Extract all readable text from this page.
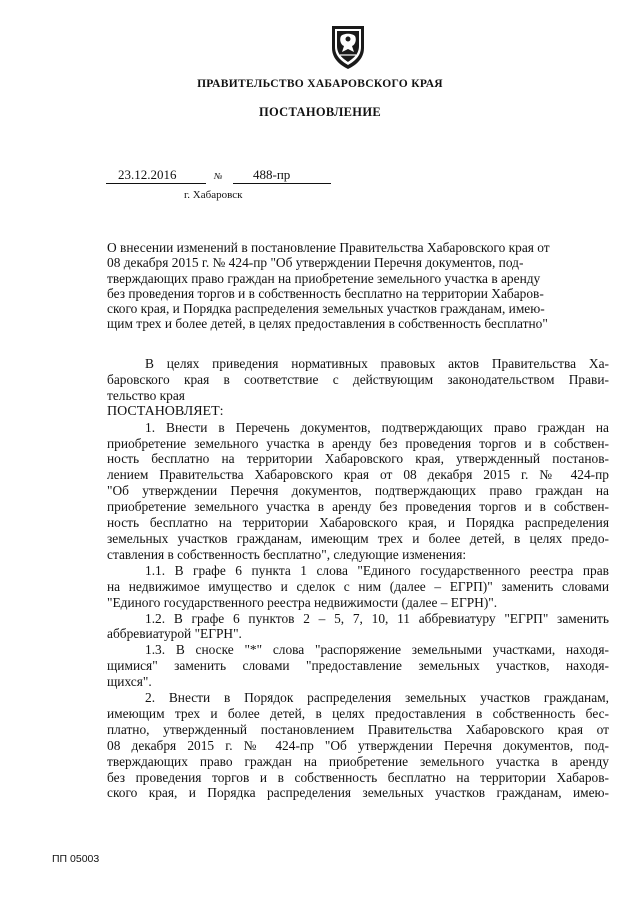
ПРАВИТЕЛЬСТВО ХАБАРОВСКОГО КРАЯ
ПОСТАНОВЛЕНИЕ
23.12.2016	№	488-пр
г. Хабаровск
О внесении изменений в постановление Правительства Хабаровского края от
08 декабря 2015 г. № 424-пр "Об утверждении Перечня документов, под-
тверждающих право граждан на приобретение земельного участка в аренду
без проведения торгов и в собственность бесплатно на территории Хабаров-
ского края, и Порядка распределения земельных участков гражданам, имею-
щим трех и более детей, в целях предоставления в собственность бесплатно"
В целях приведения нормативных правовых актов Правительства Ха-
баровского края в соответствие с действующим законодательством Прави-
тельство края
ПОСТАНОВЛЯЕТ:
1. Внести в Перечень документов, подтверждающих право граждан на
приобретение земельного участка в аренду без проведения торгов и в собствен-
ность бесплатно на территории Хабаровского края, утвержденный постанов-
лением Правительства Хабаровского края от 08 декабря 2015 г. № 424-пр
"Об утверждении Перечня документов, подтверждающих право граждан на
приобретение земельного участка в аренду без проведения торгов и в собствен-
ность бесплатно на территории Хабаровского края, и Порядка распределения
земельных участков гражданам, имеющим трех и более детей, в целях предо-
ставления в собственность бесплатно", следующие изменения:
1.1. В графе 6 пункта 1 слова "Единого государственного реестра прав
на недвижимое имущество и сделок с ним (далее – ЕГРП)" заменить словами
"Единого государственного реестра недвижимости (далее – ЕГРН)".
1.2. В графе 6 пунктов 2 – 5, 7, 10, 11 аббревиатуру "ЕГРП" заменить
аббревиатурой "ЕГРН".
1.3. В сноске "*" слова "распоряжение земельными участками, находя-
щимися" заменить словами "предоставление земельных участков, находя-
щихся".
2. Внести в Порядок распределения земельных участков гражданам,
имеющим трех и более детей, в целях предоставления в собственность бес-
платно, утвержденный постановлением Правительства Хабаровского края от
08 декабря 2015 г. № 424-пр "Об утверждении Перечня документов, под-
тверждающих право граждан на приобретение земельного участка в аренду
без проведения торгов и в собственность бесплатно на территории Хабаров-
ского края, и Порядка распределения земельных участков гражданам, имею-
ПП 05003
